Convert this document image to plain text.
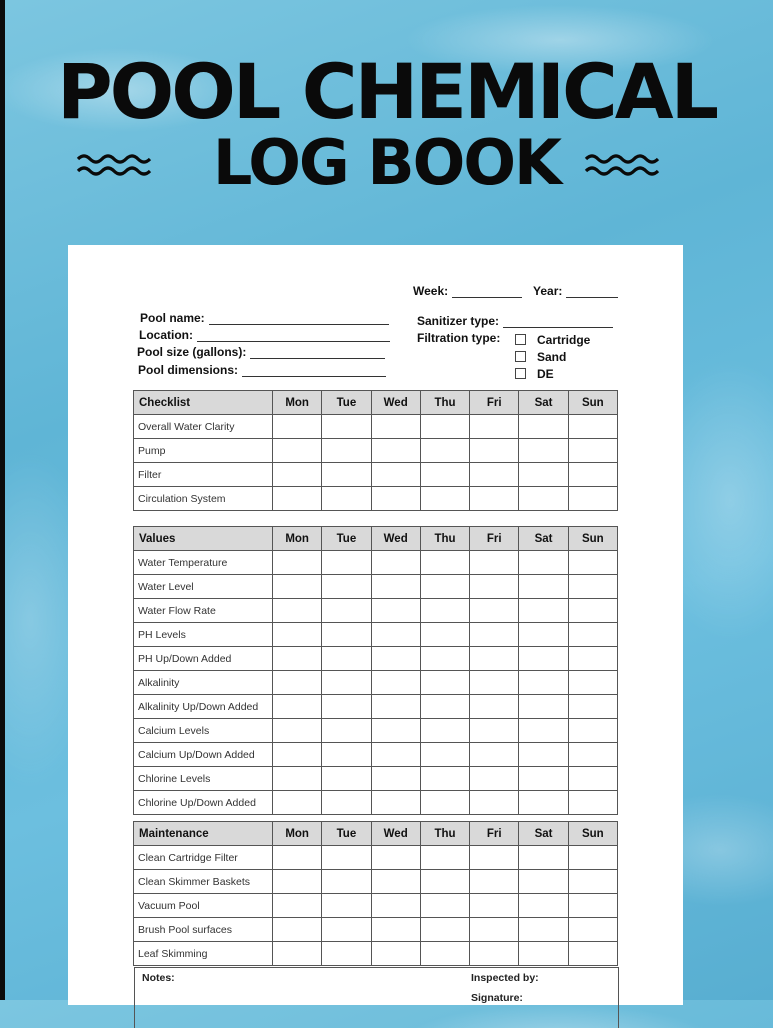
POOL CHEMICAL
LOG BOOK
Week:	Year:
Pool name:
Location:
Pool size (gallons):
Pool dimensions:
Sanitizer type:
Filtration type:	Cartridge
Sand
DE
Checklist	Mon	Tue	Wed	Thu	Fri	Sat	Sun
Overall Water Clarity							
Pump							
Filter							
Circulation System							
Values	Mon	Tue	Wed	Thu	Fri	Sat	Sun
Water Temperature							
Water Level							
Water Flow Rate							
PH Levels							
PH Up/Down Added							
Alkalinity							
Alkalinity Up/Down Added							
Calcium Levels							
Calcium Up/Down Added							
Chlorine Levels							
Chlorine Up/Down Added							
Maintenance	Mon	Tue	Wed	Thu	Fri	Sat	Sun
Clean Cartridge Filter							
Clean Skimmer Baskets							
Vacuum Pool							
Brush Pool surfaces							
Leaf Skimming							
Notes:	Inspected by:
Signature:
